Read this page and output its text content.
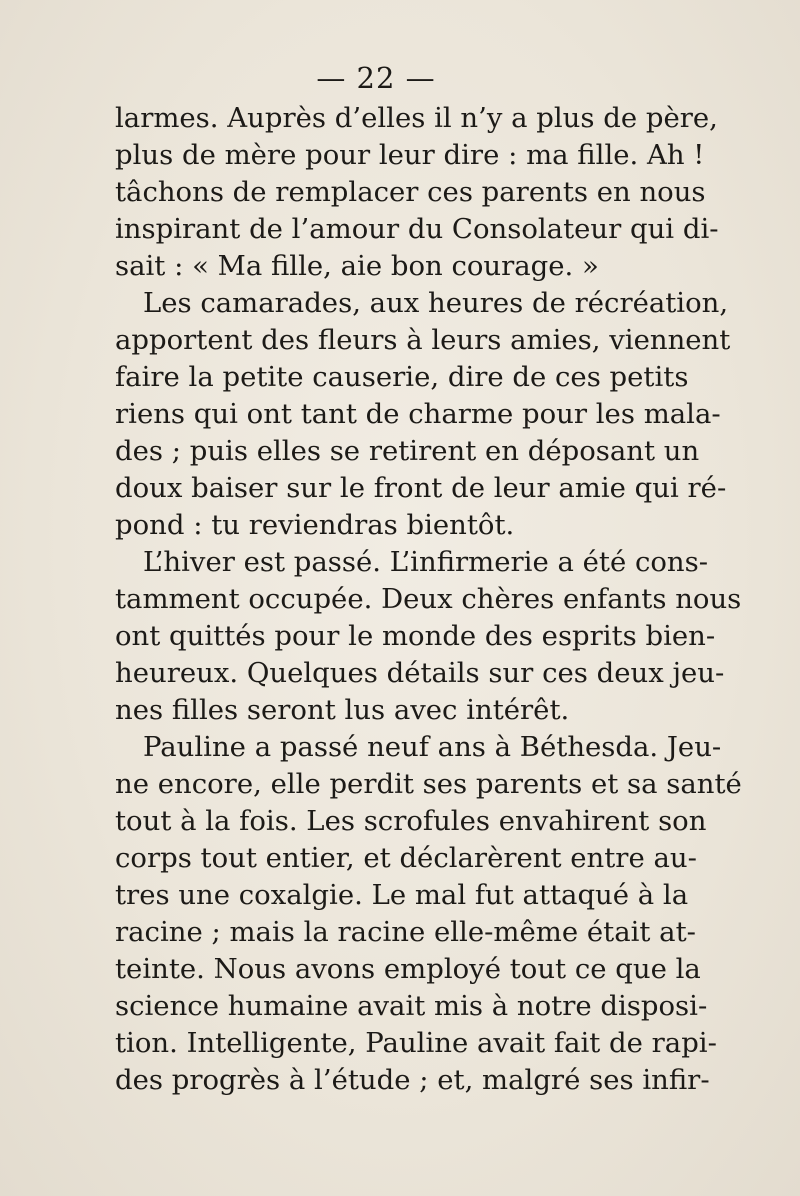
— 22 —
larmes. Auprès d’elles il n’y a plus de père,
plus de mère pour leur dire : ma fille. Ah !
tâchons de remplacer ces parents en nous
inspirant de l’amour du Consolateur qui di-
sait : « Ma fille, aie bon courage. »
Les camarades, aux heures de récréation,
apportent des fleurs à leurs amies, viennent
faire la petite causerie, dire de ces petits
riens qui ont tant de charme pour les mala-
des ; puis elles se retirent en déposant un
doux baiser sur le front de leur amie qui ré-
pond : tu reviendras bientôt.
L’hiver est passé. L’infirmerie a été cons-
tamment occupée. Deux chères enfants nous
ont quittés pour le monde des esprits bien-
heureux. Quelques détails sur ces deux jeu-
nes filles seront lus avec intérêt.
Pauline a passé neuf ans à Béthesda. Jeu-
ne encore, elle perdit ses parents et sa santé
tout à la fois. Les scrofules envahirent son
corps tout entier, et déclarèrent entre au-
tres une coxalgie. Le mal fut attaqué à la
racine ; mais la racine elle-même était at-
teinte. Nous avons employé tout ce que la
science humaine avait mis à notre disposi-
tion. Intelligente, Pauline avait fait de rapi-
des progrès à l’étude ; et, malgré ses infir-
